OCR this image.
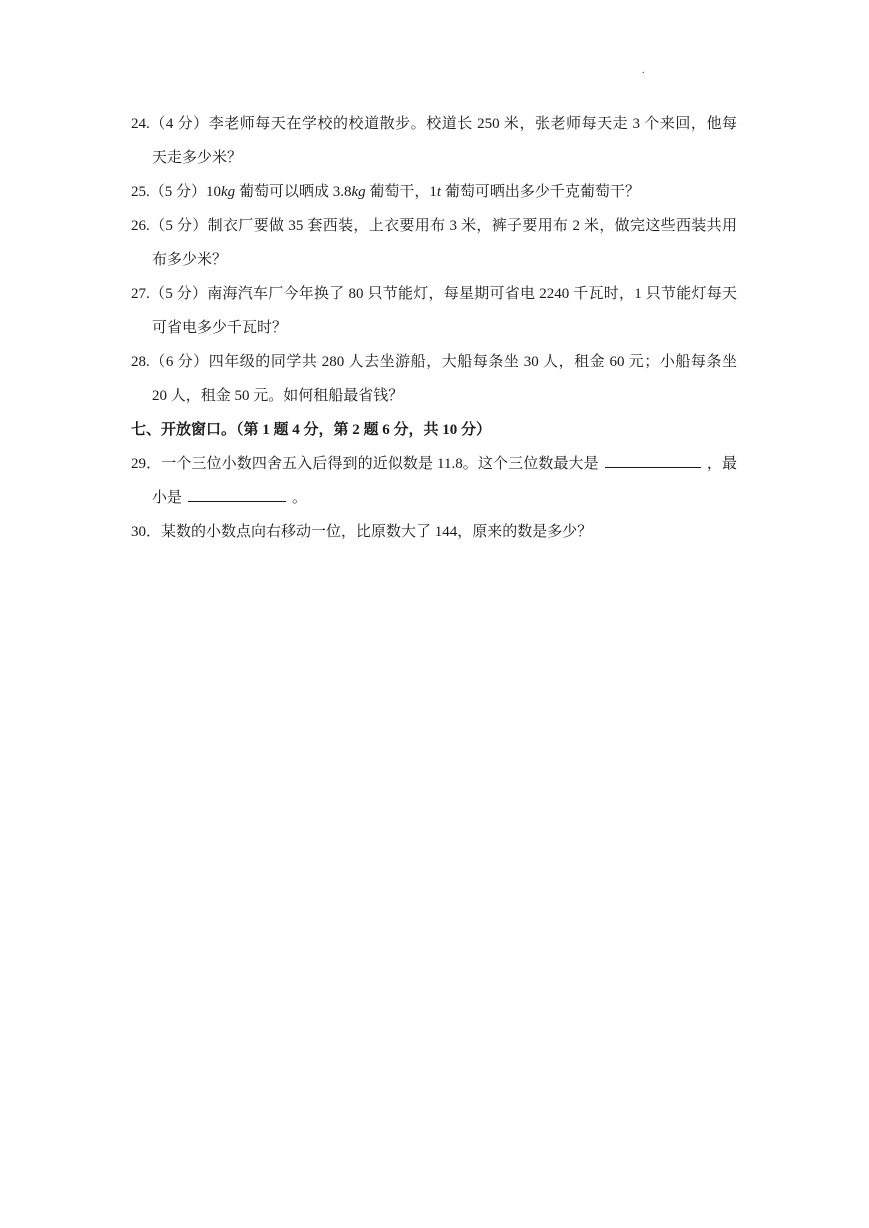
.
24.（4 分）李老师每天在学校的校道散步。校道长 250 米，张老师每天走 3 个来回，他每
天走多少米？
25.（5 分）10kg 葡萄可以晒成 3.8kg 葡萄干，1t 葡萄可晒出多少千克葡萄干？
26.（5 分）制衣厂要做 35 套西装，上衣要用布 3 米，裤子要用布 2 米，做完这些西装共用
布多少米？
27.（5 分）南海汽车厂今年换了 80 只节能灯，每星期可省电 2240 千瓦时，1 只节能灯每天
可省电多少千瓦时？
28.（6 分）四年级的同学共 280 人去坐游船，大船每条坐 30 人，租金 60 元；小船每条坐
20 人，租金 50 元。如何租船最省钱？
七、开放窗口。（第 1 题 4 分，第 2 题 6 分，共 10 分）
29．一个三位小数四舍五入后得到的近似数是 11.8。这个三位数最大是	，最
小是	。
30．某数的小数点向右移动一位，比原数大了 144，原来的数是多少？
